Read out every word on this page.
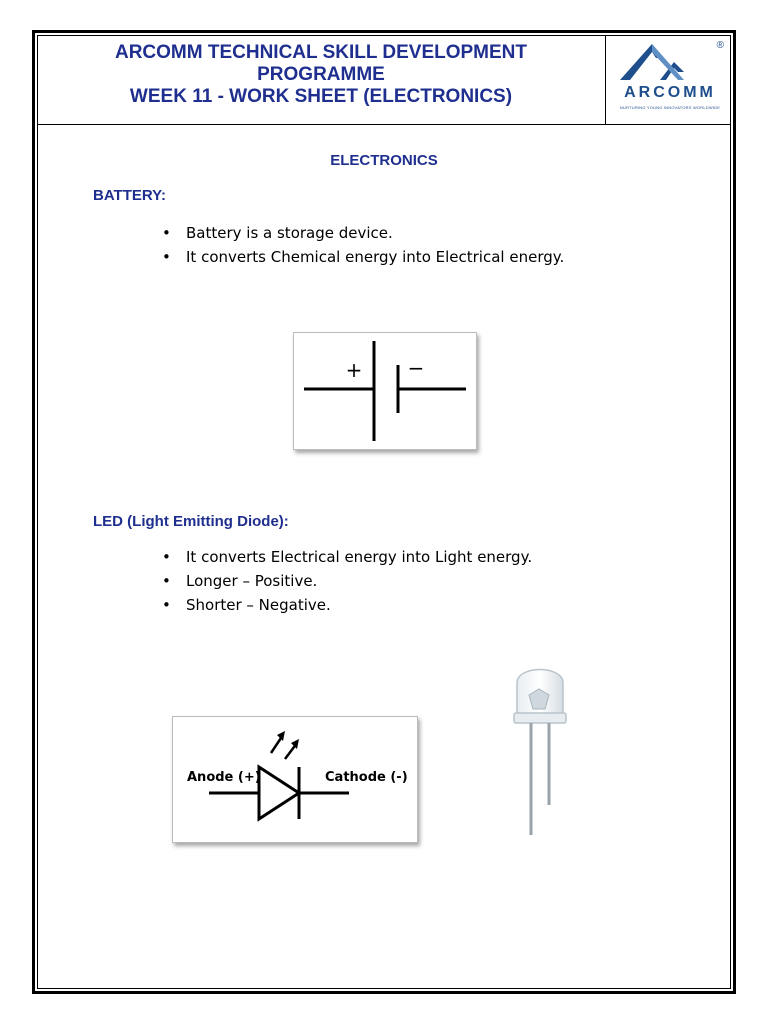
ARCOMM TECHNICAL SKILL DEVELOPMENT
PROGRAMME
WEEK 11 - WORK SHEET (ELECTRONICS)
®
ARCOMM
NURTURING YOUNG INNOVATORS WORLDWIDE
ELECTRONICS
BATTERY:
• Battery is a storage device.
• It converts Chemical energy into Electrical energy.
+ −
LED (Light Emitting Diode):
• It converts Electrical energy into Light energy.
• Longer – Positive.
• Shorter – Negative.
Anode (+)	Cathode (-)
